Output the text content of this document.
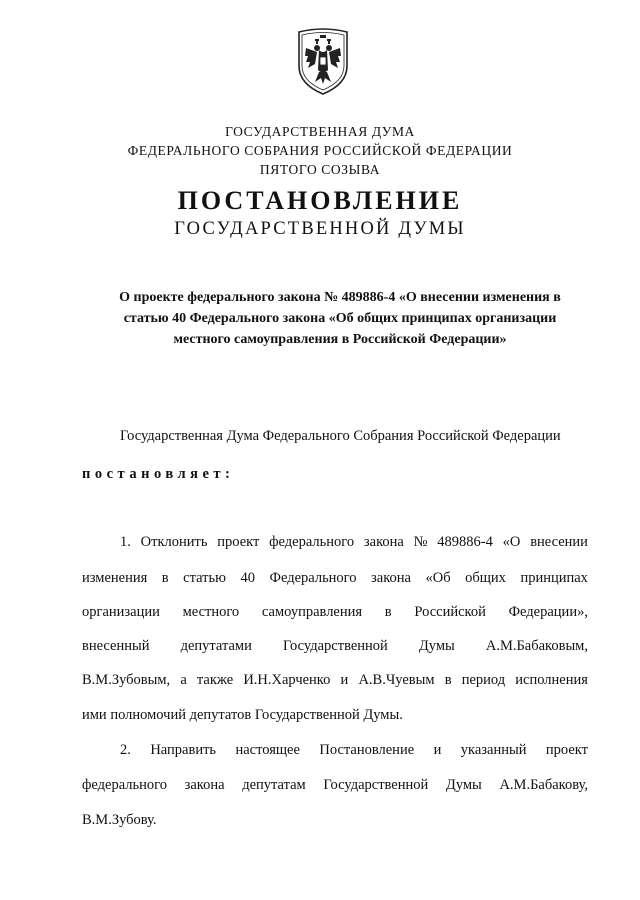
ГОСУДАРСТВЕННАЯ ДУМА
ФЕДЕРАЛЬНОГО СОБРАНИЯ РОССИЙСКОЙ ФЕДЕРАЦИИ
ПЯТОГО СОЗЫВА
ПОСТАНОВЛЕНИЕ
ГОСУДАРСТВЕННОЙ ДУМЫ
О проекте федерального закона № 489886-4 «О внесении изменения в
статью 40 Федерального закона «Об общих принципах организации
местного самоуправления в Российской Федерации»
Государственная Дума Федерального Собрания Российской Федерации
постановляет:
1. Отклонить проект федерального закона № 489886-4 «О внесении
изменения в статью 40 Федерального закона «Об общих принципах
организации местного самоуправления в Российской Федерации»,
внесенный депутатами Государственной Думы А.М.Бабаковым,
В.М.Зубовым, а также И.Н.Харченко и А.В.Чуевым в период исполнения
ими полномочий депутатов Государственной Думы.
2. Направить настоящее Постановление и указанный проект
федерального закона депутатам Государственной Думы А.М.Бабакову,
В.М.Зубову.
